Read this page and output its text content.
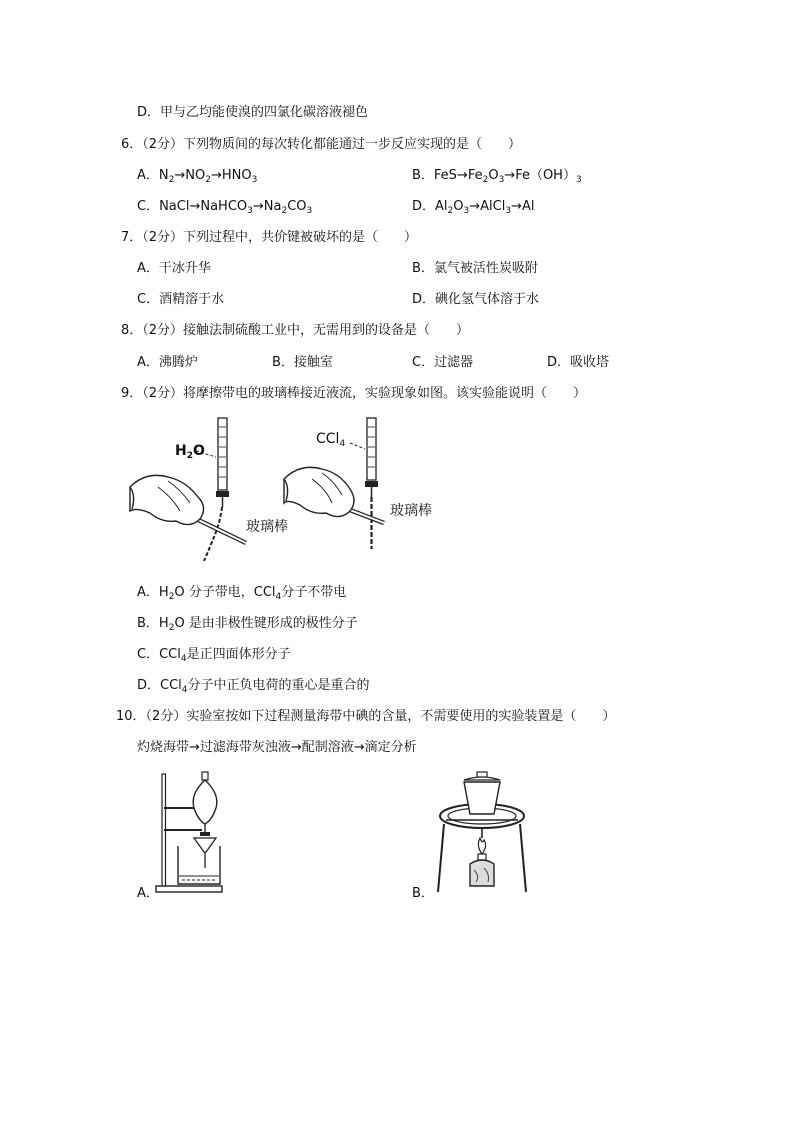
D．甲与乙均能使溴的四氯化碳溶液褪色
6．（2分）下列物质间的每次转化都能通过一步反应实现的是（　　）
A．$N_2\to NO_2\to HNO_3$	B．$FeS\to Fe_2O_3\to Fe(OH)_3$
C．$NaCl\to NaHCO_3\to Na_2CO_3$	D．$Al_2O_3\to AlCl_3\to Al$
7．（2分）下列过程中，共价键被破坏的是（　　）
A．干冰升华	B．氯气被活性炭吸附
C．酒精溶于水	D．碘化氢气体溶于水
8．（2分）接触法制硫酸工业中，无需用到的设备是（　　）
A．沸腾炉	B．接触室	C．过滤器	D．吸收塔
9．（2分）将摩擦带电的玻璃棒接近液流，实验现象如图。该实验能说明（　　）
$H_2O$
玻璃棒
CCl$_4$
玻璃棒
A．$H_2O$ 分子带电，CCl$_4$分子不带电
B．$H_2O$ 是由非极性键形成的极性分子
C．CCl$_4$是正四面体形分子
D．CCl$_4$分子中正负电荷的重心是重合的
10．（2分）实验室按如下过程测量海带中碘的含量，不需要使用的实验装置是（　　）
灼烧海带→过滤海带灰浊液→配制溶液→滴定分析
A．	B．
